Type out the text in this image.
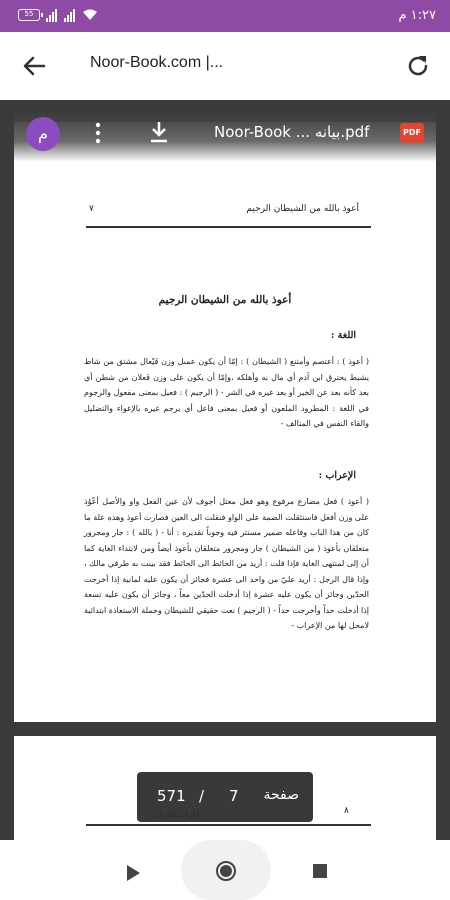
55	١:٢٧ م
Noor-Book.com |...
٧	أعوذ بالله من الشيطان الرجيم
أعوذ بالله من الشيطان الرجيم
اللغة :
( أعوذ ) : أعتصم وأمتنع ( الشيطان ) : إمّا أن يكون عمىل وزن فَيْعال مشتق من شاط يشيط يحترق ابن آدم أي مال به وأهلكه ،وإمّا أن يكون على وزن فَعلان من شطن أي بعد كأنه بعد عن الخير أو بعد غيره في الشر - ( الرجيم ) : فعيل بمعنى مفعول والرجوم في اللغة : المطرود الملعون أو فعيل بمعنى فاعل أي يرجم غيره بالإغواء والتضليل والقاء النفس في المتالف -
الإعراب :
( أعوذ ) فعل مضارع مرفوع وهو فعل معتل أجوف لأن عين الفعل واو والأصل أعْوُذ على وزن أفعل فاستثقلت الضمة على الواو فنقلت الى العين فصارت أعوذ وهذه علة ما كان من هذا الباب وفاعله ضمير مستتر فيه وجوباً تقديره : أنا - ( بالله ) : جار ومجرور متعلقان بأعوذ ( من الشيطان ) جار ومجرور متعلقان بأعوذ أيضاً ومن لابتداء الغاية كما أن إلى لمنتهى الغاية فإذا قلت : أريد من الحائط الى الحائط فقد بينت به طرفي مالك ، وإذا قال الرجل : أريد عليّ من واحد الى عشرة فجائز أن يكون عليه لمانية إذا أخرجت الحدّين وجائز أن يكون عليه عشرة إذا أدخلت الحدّين معاً ، وجائز أن يكون عليه تسعة إذا أدخلت حداً وأخرجت حداً - ( الرجيم ) نعت حقيقي للشيطان وجملة الاستعاذة ابتدائية لامحل لها من الإعراب -
٨
م	Noor-Book ... بيانه.pdf	PDF
صفحة
7
/
571
